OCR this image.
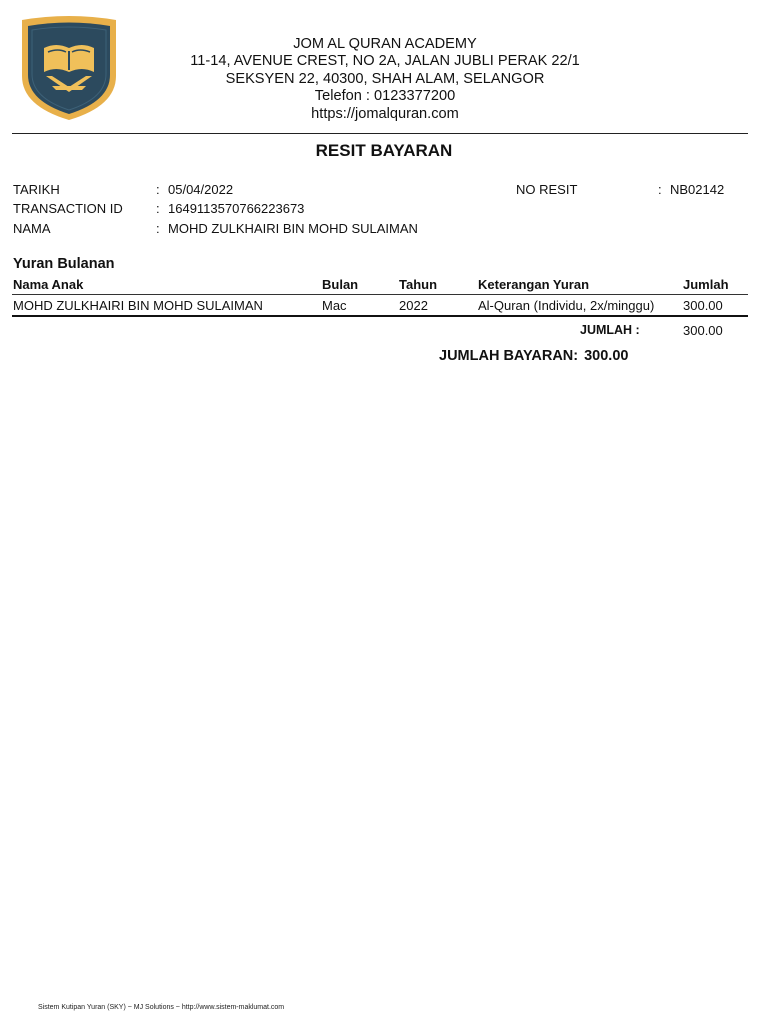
JOM AL QURAN ACADEMY
11-14, AVENUE CREST, NO 2A, JALAN JUBLI PERAK 22/1
SEKSYEN 22, 40300, SHAH ALAM, SELANGOR
Telefon : 0123377200
https://jomalquran.com
RESIT BAYARAN
TARIKH	: 05/04/2022	NO RESIT	: NB02142
TRANSACTION ID	: 1649113570766223673
NAMA	: MOHD ZULKHAIRI BIN MOHD SULAIMAN
Yuran Bulanan
Nama Anak	Bulan	Tahun	Keterangan Yuran	Jumlah
MOHD ZULKHAIRI BIN MOHD SULAIMAN	Mac	2022	Al-Quran (Individu, 2x/minggu) 300.00
JUMLAH :	300.00
JUMLAH BAYARAN: 300.00
Sistem Kutipan Yuran (SKY) ~ MJ Solutions ~ http://www.sistem-maklumat.com
